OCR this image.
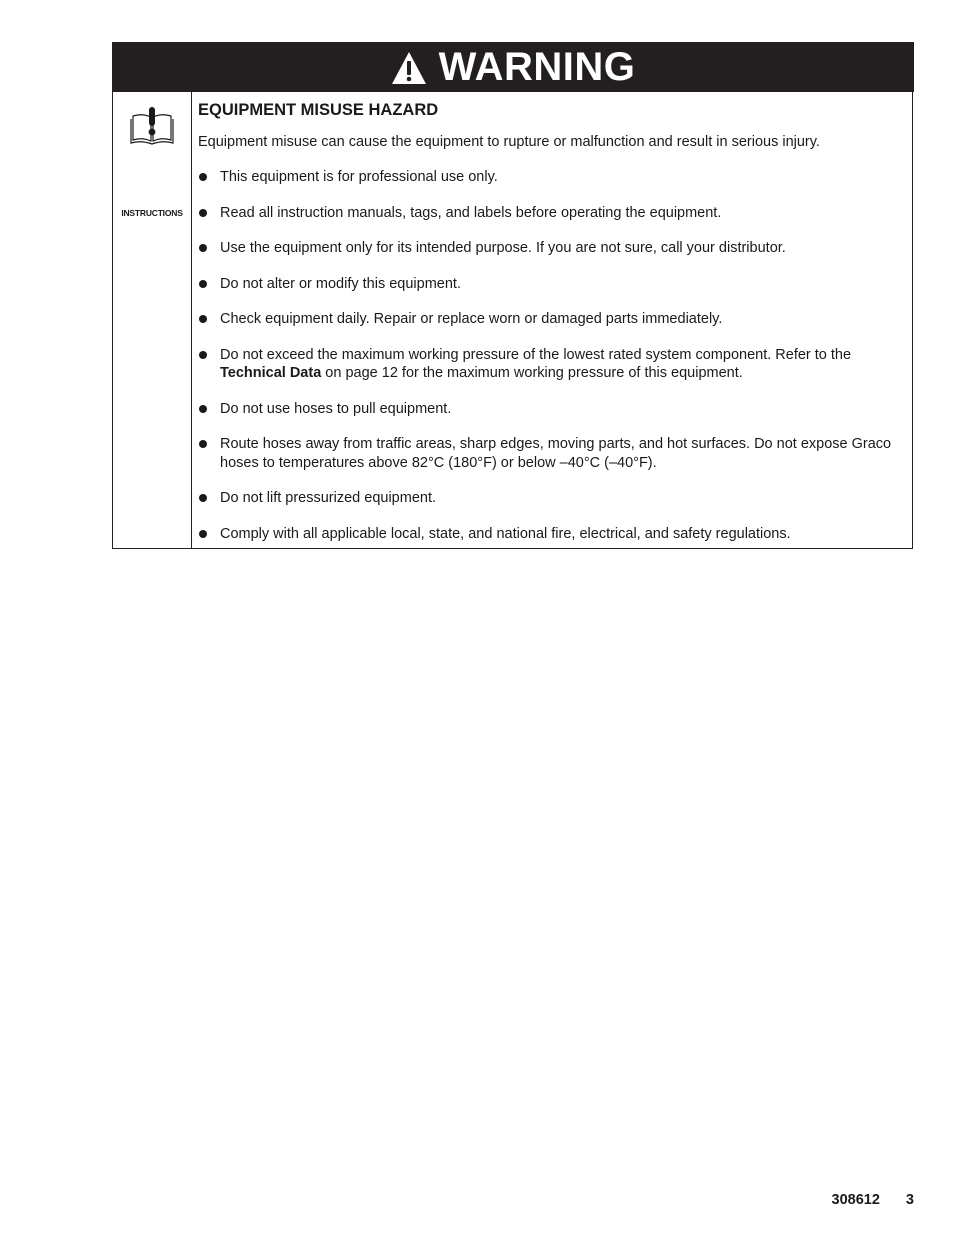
WARNING
INSTRUCTIONS
EQUIPMENT MISUSE HAZARD

Equipment misuse can cause the equipment to rupture or malfunction and result in serious injury.

This equipment is for professional use only.
Read all instruction manuals, tags, and labels before operating the equipment.
Use the equipment only for its intended purpose. If you are not sure, call your distributor.
Do not alter or modify this equipment.
Check equipment daily. Repair or replace worn or damaged parts immediately.
Do not exceed the maximum working pressure of the lowest rated system component. Refer to the Technical Data on page 12 for the maximum working pressure of this equipment.
Do not use hoses to pull equipment.
Route hoses away from traffic areas, sharp edges, moving parts, and hot surfaces. Do not expose Graco hoses to temperatures above 82°C (180°F) or below –40°C (–40°F).
Do not lift pressurized equipment.
Comply with all applicable local, state, and national fire, electrical, and safety regulations.
308612 3
